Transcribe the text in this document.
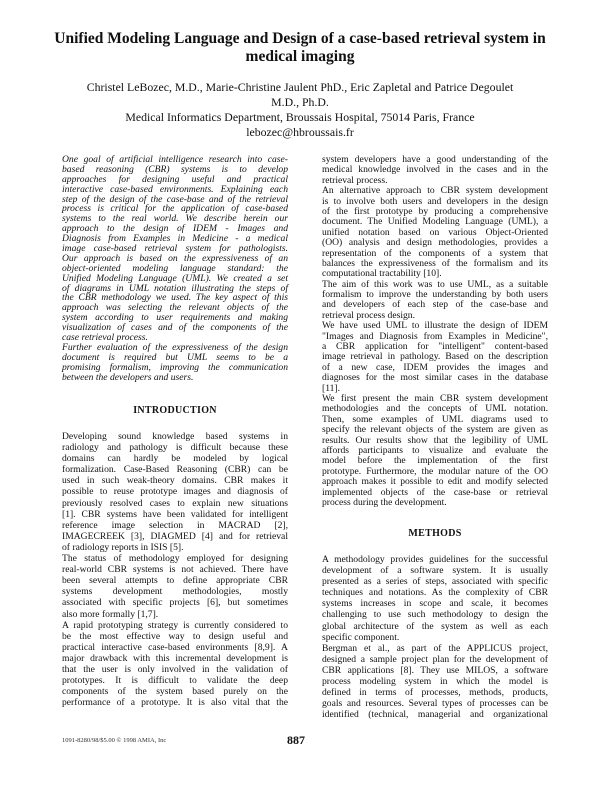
Unified Modeling Language and Design of a case-based retrieval system in
medical imaging
Christel LeBozec, M.D., Marie-Christine Jaulent PhD., Eric Zapletal and Patrice Degoulet
M.D., Ph.D.
Medical Informatics Department, Broussais Hospital, 75014 Paris, France
lebozec@hbroussais.fr
One goal of artificial intelligence research into case-
based reasoning (CBR) systems is to develop
approaches for designing useful and practical
interactive case-based environments. Explaining each
step of the design of the case-base and of the retrieval
process is critical for the application of case-based
systems to the real world. We describe herein our
approach to the design of IDEM - Images and
Diagnosis from Examples in Medicine - a medical
image case-based retrieval system for pathologists.
Our approach is based on the expressiveness of an
object-oriented modeling language standard: the
Unified Modeling Language (UML). We created a set
of diagrams in UML notation illustrating the steps of
the CBR methodology we used. The key aspect of this
approach was selecting the relevant objects of the
system according to user requirements and making
visualization of cases and of the components of the
case retrieval process.
Further evaluation of the expressiveness of the design
document is required but UML seems to be a
promising formalism, improving the communication
between the developers and users.
INTRODUCTION
Developing sound knowledge based systems in
radiology and pathology is difficult because these
domains can hardly be modeled by logical
formalization. Case-Based Reasoning (CBR) can be
used in such weak-theory domains. CBR makes it
possible to reuse prototype images and diagnosis of
previously resolved cases to explain new situations
[1]. CBR systems have been validated for intelligent
reference image selection in MACRAD [2],
IMAGECREEK [3], DIAGMED [4] and for retrieval
of radiology reports in ISIS [5].
The status of methodology employed for designing
real-world CBR systems is not achieved. There have
been several attempts to define appropriate CBR
systems development methodologies, mostly
associated with specific projects [6], but sometimes
also more formally [1,7].
A rapid prototyping strategy is currently considered to
be the most effective way to design useful and
practical interactive case-based environments [8,9]. A
major drawback with this incremental development is
that the user is only involved in the validation of
prototypes. It is difficult to validate the deep
components of the system based purely on the
performance of a prototype. It is also vital that the
system developers have a good understanding of the
medical knowledge involved in the cases and in the
retrieval process.
An alternative approach to CBR system development
is to involve both users and developers in the design
of the first prototype by producing a comprehensive
document. The Unified Modeling Language (UML), a
unified notation based on various Object-Oriented
(OO) analysis and design methodologies, provides a
representation of the components of a system that
balances the expressiveness of the formalism and its
computational tractability [10].
The aim of this work was to use UML, as a suitable
formalism to improve the understanding by both users
and developers of each step of the case-base and
retrieval process design.
We have used UML to illustrate the design of IDEM
"Images and Diagnosis from Examples in Medicine",
a CBR application for "intelligent" content-based
image retrieval in pathology. Based on the description
of a new case, IDEM provides the images and
diagnoses for the most similar cases in the database
[11].
We first present the main CBR system development
methodologies and the concepts of UML notation.
Then, some examples of UML diagrams used to
specify the relevant objects of the system are given as
results. Our results show that the legibility of UML
affords participants to visualize and evaluate the
model before the implementation of the first
prototype. Furthermore, the modular nature of the OO
approach makes it possible to edit and modify selected
implemented objects of the case-base or retrieval
process during the development.
METHODS
A methodology provides guidelines for the successful
development of a software system. It is usually
presented as a series of steps, associated with specific
techniques and notations. As the complexity of CBR
systems increases in scope and scale, it becomes
challenging to use such methodology to design the
global architecture of the system as well as each
specific component.
Bergman et al., as part of the APPLICUS project,
designed a sample project plan for the development of
CBR applications [8]. They use MILOS, a software
process modeling system in which the model is
defined in terms of processes, methods, products,
goals and resources. Several types of processes can be
identified (technical, managerial and organizational
1091-8280/98/$5.00 © 1998 AMIA, Inc	887
